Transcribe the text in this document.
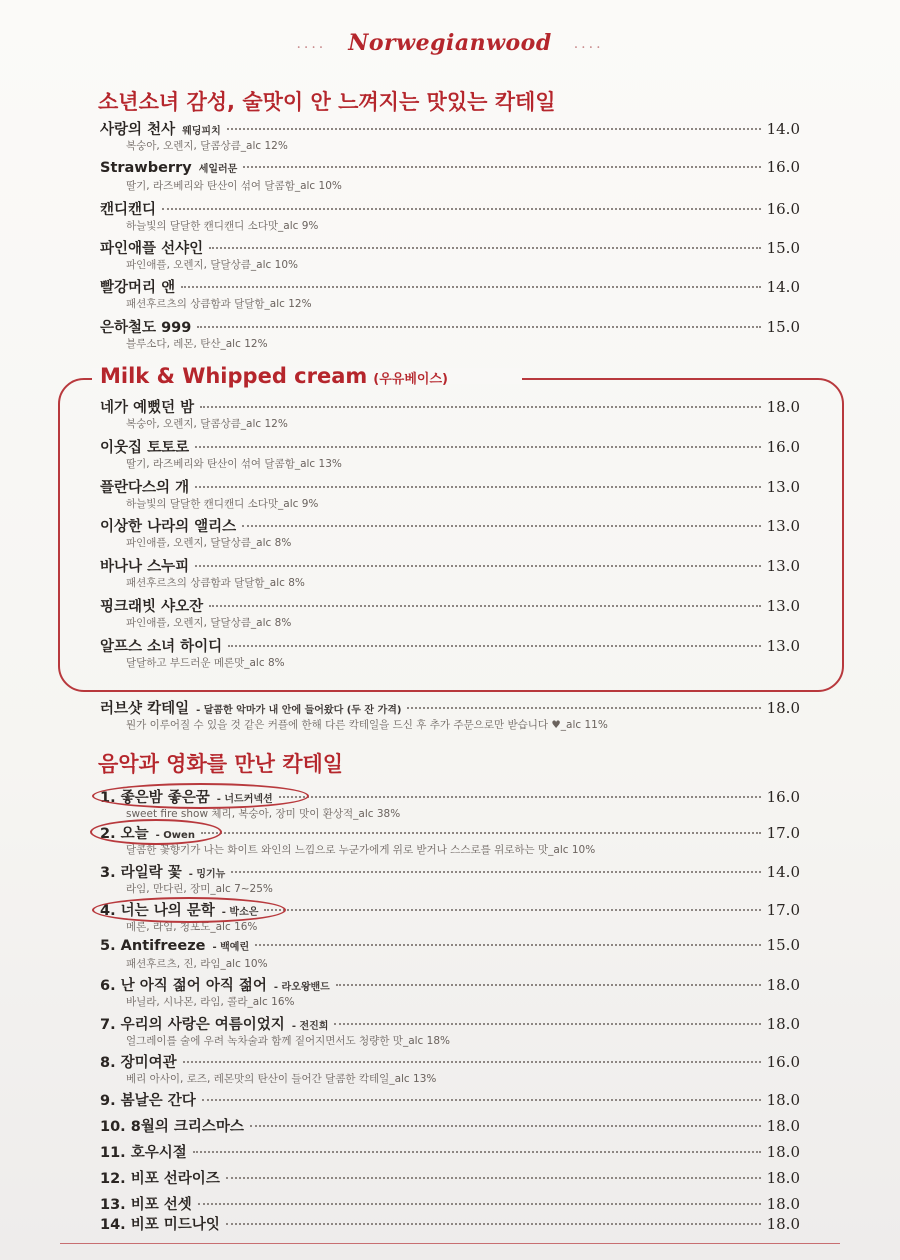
.... Norwegianwood ....
소년소녀 감성, 술맛이 안 느껴지는 맛있는 칵테일
Milk & Whipped cream (우유베이스)
음악과 영화를 만난 칵테일
사랑의 천사 웨딩피치	14.0
복숭아, 오렌지, 달콤상큼_alc 12%
Strawberry 세일러문	16.0
딸기, 라즈베리와 탄산이 섞여 달콤함_alc 10%
캔디캔디	16.0
하늘빛의 달달한 캔디캔디 소다맛_alc 9%
파인애플 선샤인	15.0
파인애플, 오렌지, 달달상큼_alc 10%
빨강머리 앤	14.0
패션후르츠의 상큼함과 달달함_alc 12%
은하철도 999	15.0
블루소다, 레몬, 탄산_alc 12%
네가 예뻤던 밤	18.0
복숭아, 오렌지, 달콤상큼_alc 12%
이웃집 토토로	16.0
딸기, 라즈베리와 탄산이 섞여 달콤함_alc 13%
플란다스의 개	13.0
하늘빛의 달달한 캔디캔디 소다맛_alc 9%
이상한 나라의 앨리스	13.0
파인애플, 오렌지, 달달상큼_alc 8%
바나나 스누피	13.0
패션후르츠의 상큼함과 달달함_alc 8%
핑크래빗 샤오잔	13.0
파인애플, 오렌지, 달달상큼_alc 8%
알프스 소녀 하이디	13.0
달달하고 부드러운 메론맛_alc 8%
러브샷 칵테일 - 달콤한 악마가 내 안에 들어왔다 (두 잔 가격)	18.0
뭔가 이루어질 수 있을 것 같은 커플에 한해 다른 칵테일을 드신 후 추가 주문으로만 받습니다 ♥_alc 11%
1. 좋은밤 좋은꿈 - 너드커넥션	16.0
sweet fire show 체리, 복숭아, 장미 맛이 환상적_alc 38%
2. 오늘 - Owen	17.0
달콤한 꽃향기가 나는 화이트 와인의 느낌으로 누군가에게 위로 받거나 스스로를 위로하는 맛_alc 10%
3. 라일락 꽃 - 밍기뉴	14.0
라임, 만다린, 장미_alc 7~25%
4. 너는 나의 문학 - 박소은	17.0
메론, 라임, 청포도_alc 16%
5. Antifreeze - 백예린	15.0
패션후르츠, 진, 라임_alc 10%
6. 난 아직 젊어 아직 젊어 - 라오왕밴드	18.0
바닐라, 시나몬, 라임, 콜라_alc 16%
7. 우리의 사랑은 여름이었지 - 전진희	18.0
얼그레이를 술에 우려 녹차술과 함께 짙어지면서도 청량한 맛_alc 18%
8. 장미여관	16.0
베리 아사이, 로즈, 레몬맛의 탄산이 들어간 달콤한 칵테일_alc 13%
9. 봄날은 간다	18.0
10. 8월의 크리스마스	18.0
11. 호우시절	18.0
12. 비포 선라이즈	18.0
13. 비포 선셋	18.0
14. 비포 미드나잇	18.0
